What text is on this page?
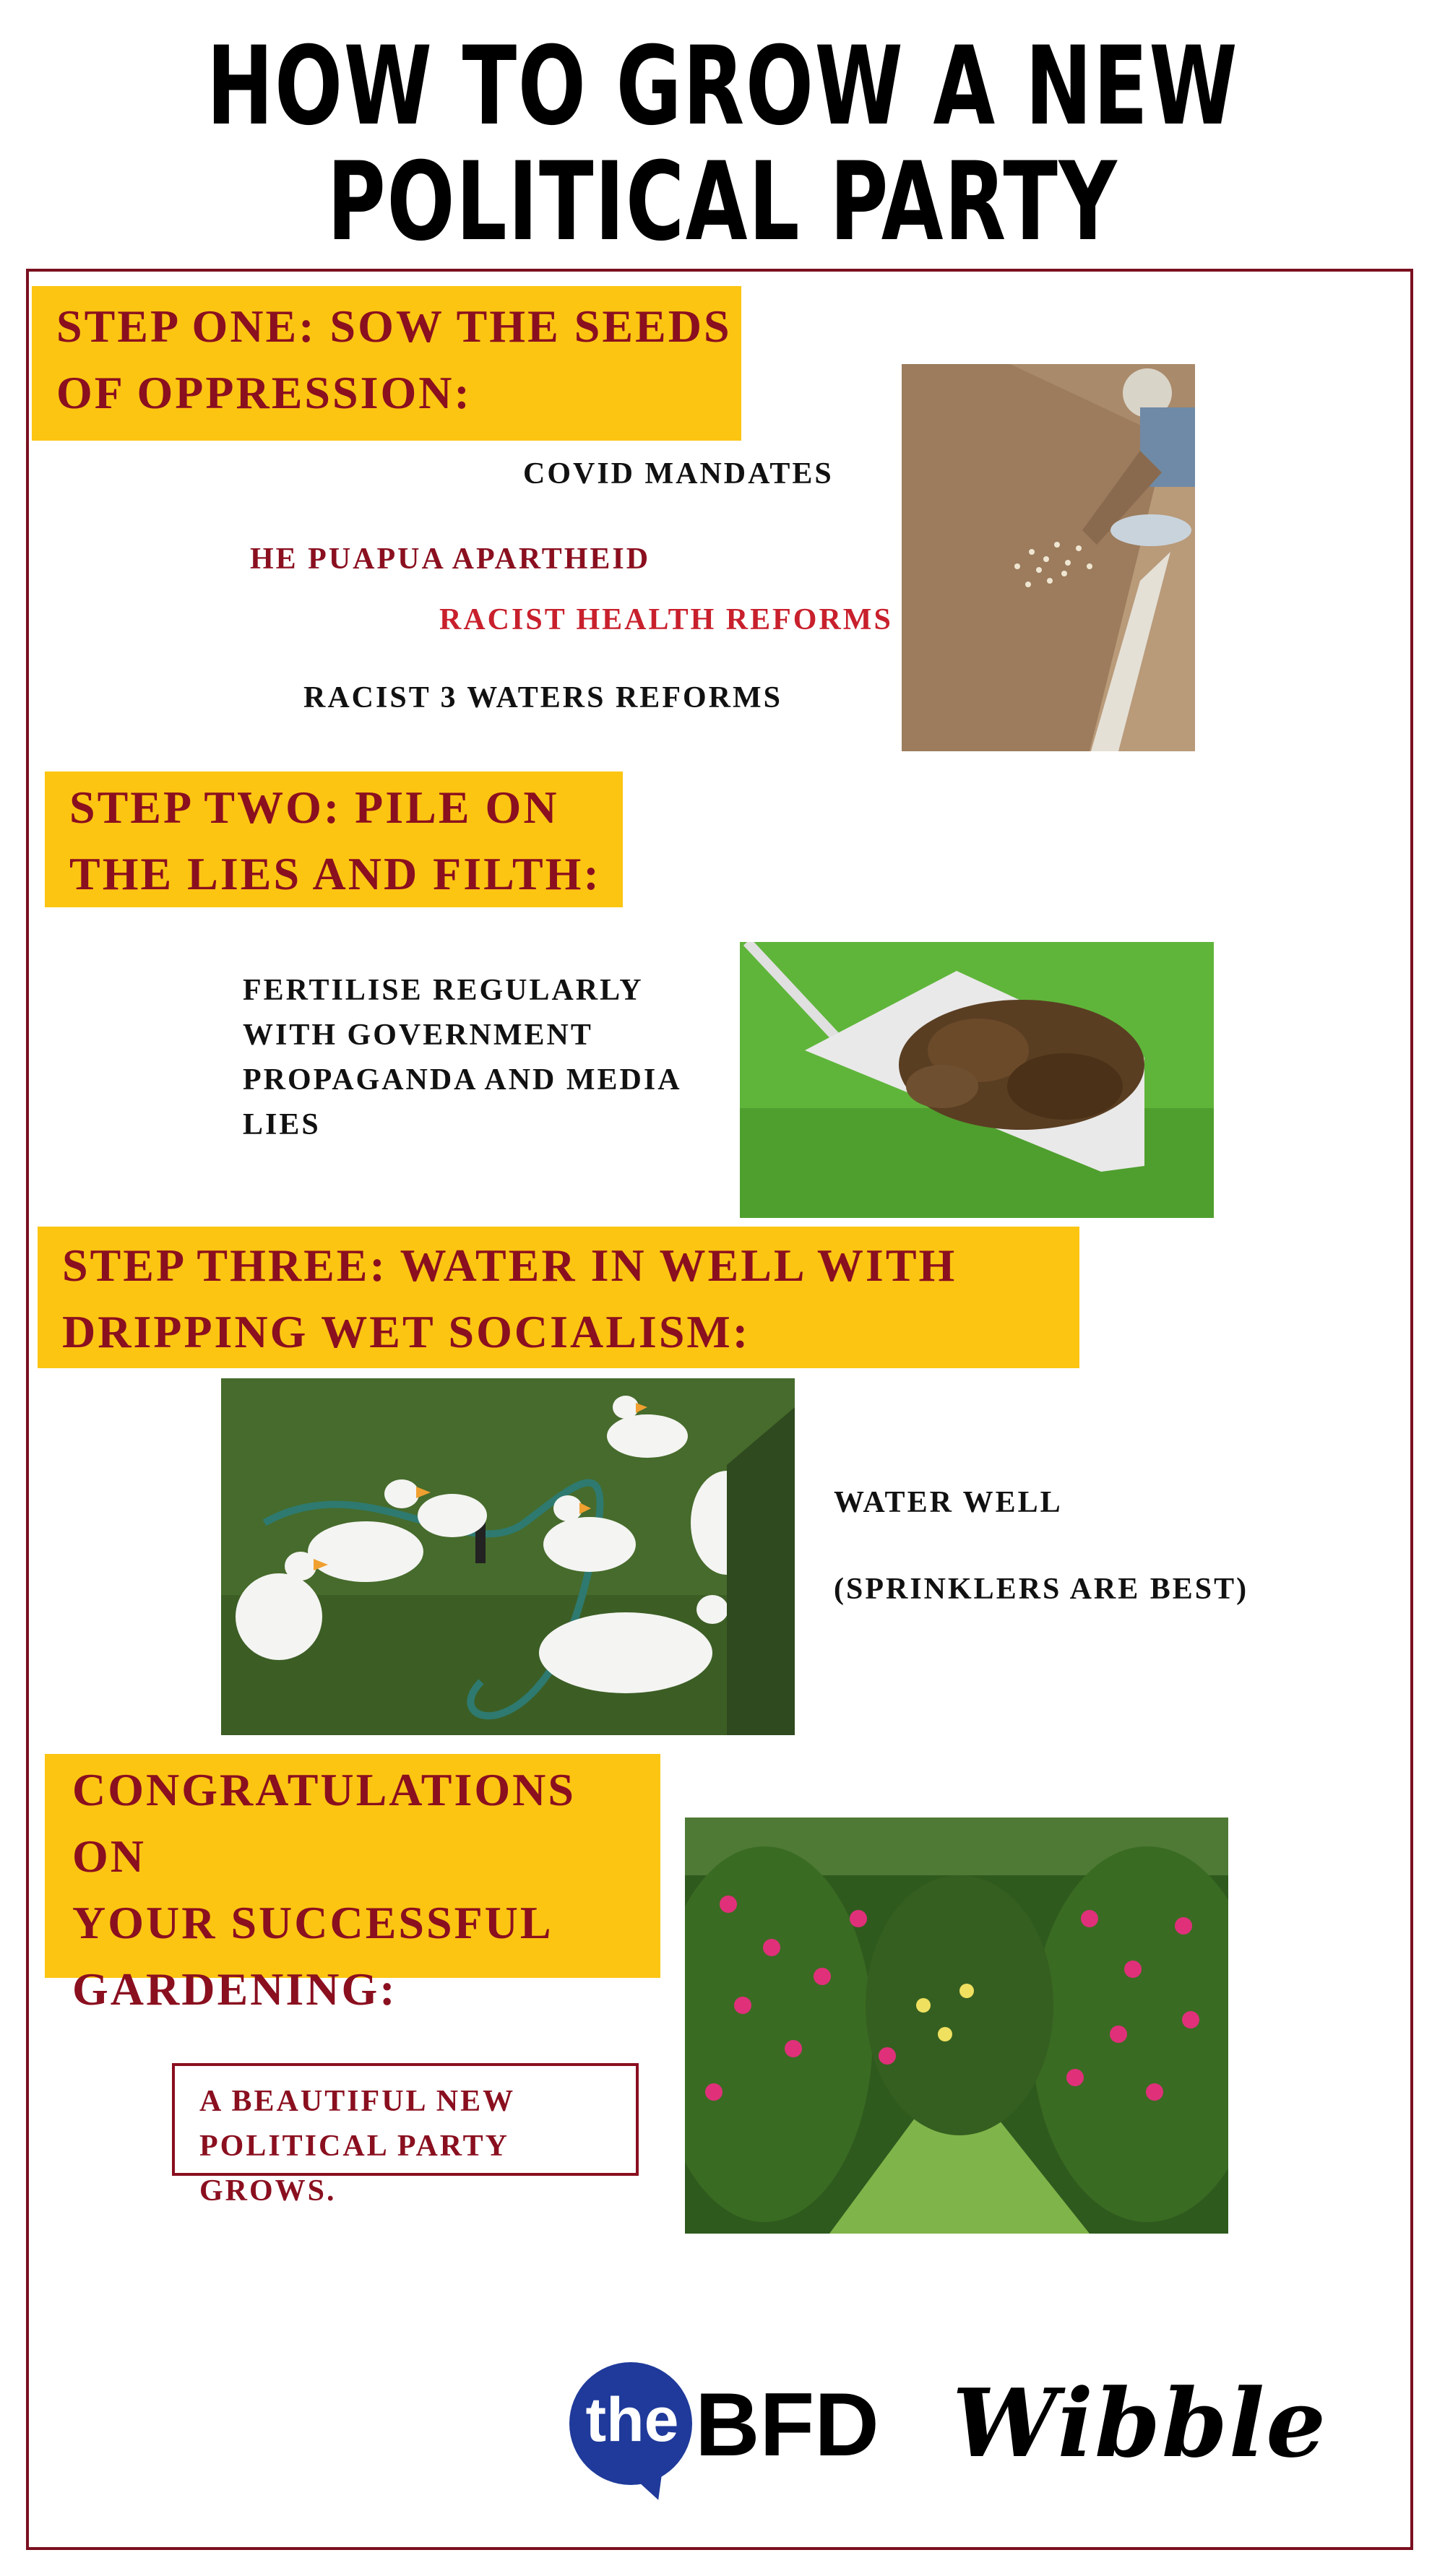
HOW TO GROW A NEW POLITICAL PARTY
STEP ONE: SOW THE SEEDS
OF OPPRESSION:
COVID MANDATES
HE PUAPUA APARTHEID
RACIST HEALTH REFORMS
RACIST 3 WATERS REFORMS
STEP TWO: PILE ON
THE LIES AND FILTH:
FERTILISE REGULARLY
WITH GOVERNMENT
PROPAGANDA AND MEDIA
LIES
STEP THREE: WATER IN WELL WITH
DRIPPING WET SOCIALISM:
WATER WELL
(SPRINKLERS ARE BEST)
CONGRATULATIONS ON
YOUR SUCCESSFUL
GARDENING:
A BEAUTIFUL NEW
POLITICAL PARTY GROWS.
the BFD Wibble
